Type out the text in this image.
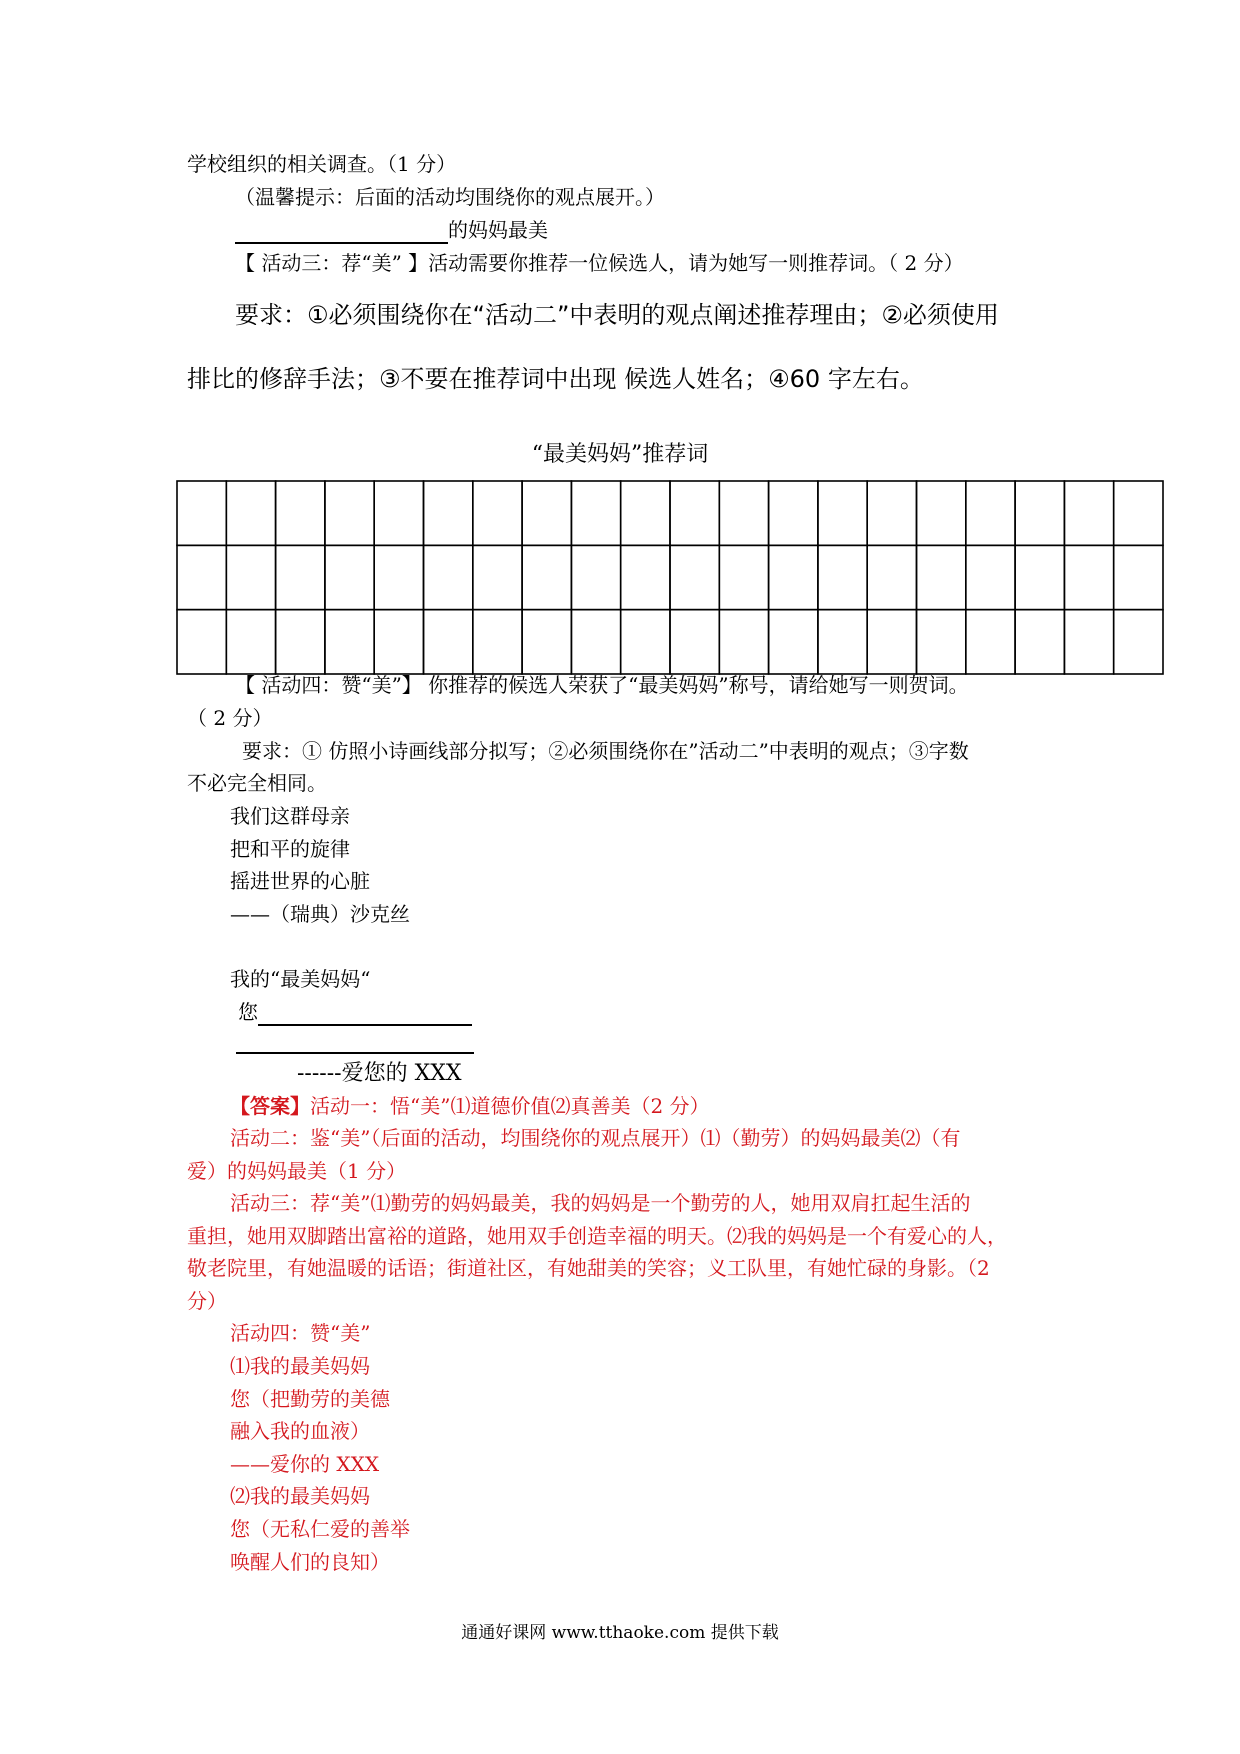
学校组织的相关调查。（1 分）
（温馨提示：后面的活动均围绕你的观点展开。）
的妈妈最美
【 活动三：荐“美” 】活动需要你推荐一位候选人，请为她写一则推荐词。（ 2 分）
要求：①必须围绕你在“活动二”中表明的观点阐述推荐理由；②必须使用
排比的修辞手法；③不要在推荐词中出现 候选人姓名；④60 字左右。
“最美妈妈”推荐词
【 活动四：赞“美”】 你推荐的候选人荣获了“最美妈妈”称号，请给她写一则贺词。
（ 2 分）
要求：① 仿照小诗画线部分拟写；②必须围绕你在”活动二”中表明的观点；③字数
不必完全相同。
我们这群母亲
把和平的旋律
摇进世界的心脏
——（瑞典）沙克丝
我的“最美妈妈“
您
------爱您的 XXX
【答案】活动一：悟“美”⑴道德价值⑵真善美（2 分）
活动二：鉴“美”（后面的活动，均围绕你的观点展开）⑴（勤劳）的妈妈最美⑵（有
爱）的妈妈最美（1 分）
活动三：荐“美”⑴勤劳的妈妈最美，我的妈妈是一个勤劳的人，她用双肩扛起生活的
重担，她用双脚踏出富裕的道路，她用双手创造幸福的明天。⑵我的妈妈是一个有爱心的人，
敬老院里，有她温暖的话语；街道社区，有她甜美的笑容；义工队里，有她忙碌的身影。（2
分）
活动四：赞“美”
⑴我的最美妈妈
您（把勤劳的美德
融入我的血液）
——爱你的 XXX
⑵我的最美妈妈
您（无私仁爱的善举
唤醒人们的良知）
通通好课网 www.tthaoke.com 提供下载
